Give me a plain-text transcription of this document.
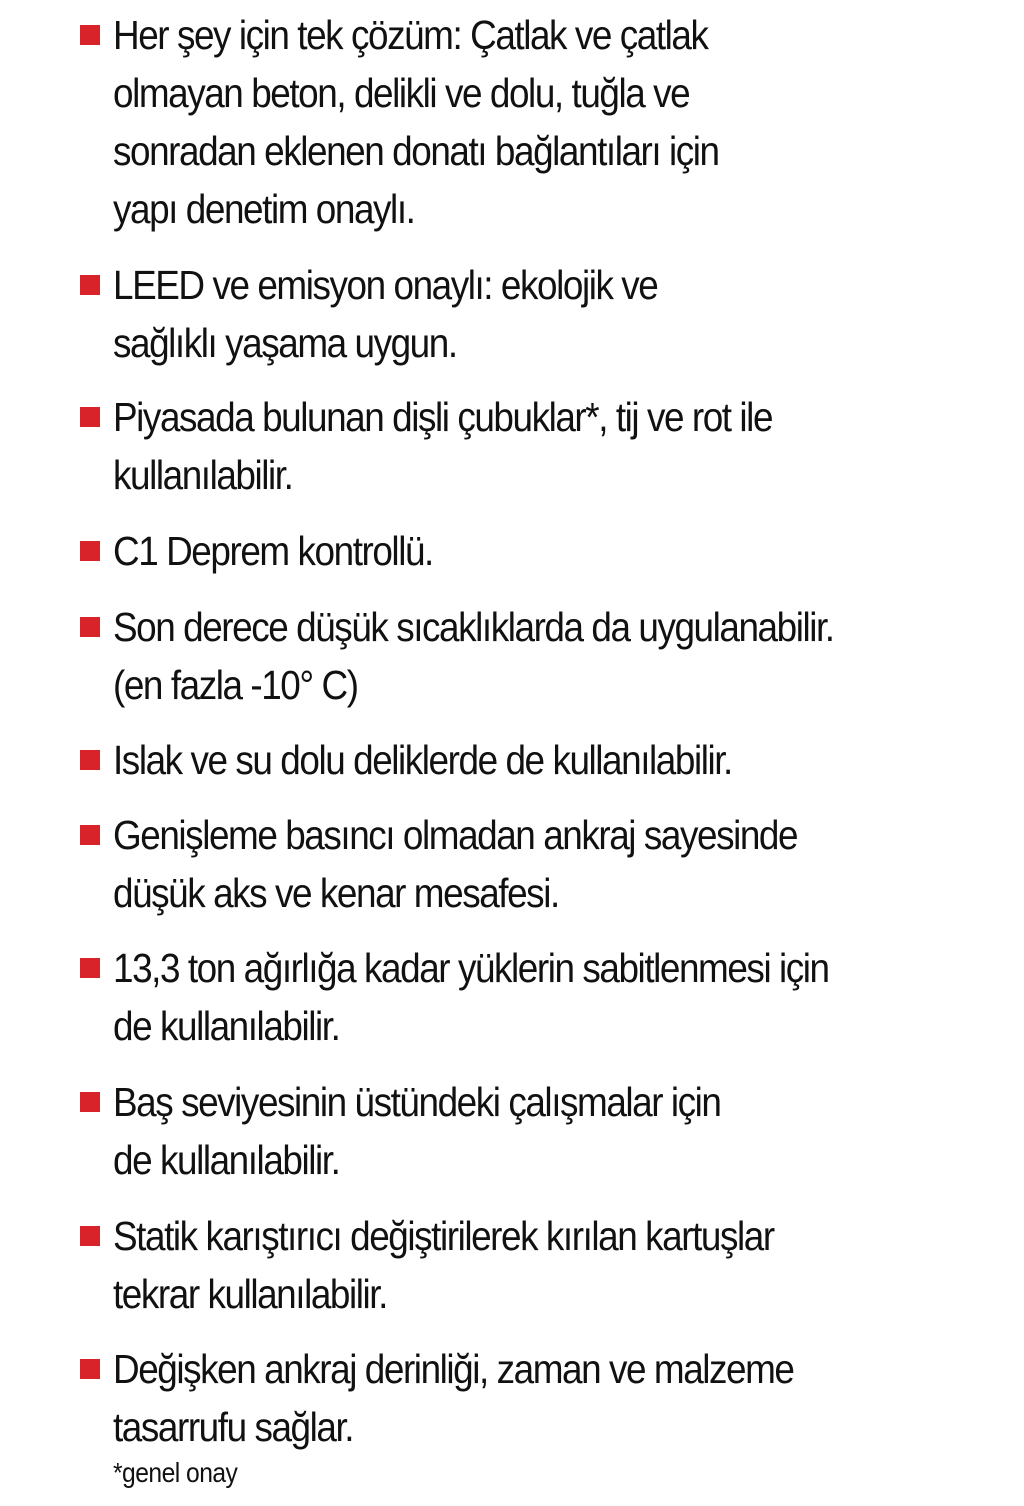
Her şey için tek çözüm: Çatlak ve çatlak
olmayan beton, delikli ve dolu, tuğla ve
sonradan eklenen donatı bağlantıları için
yapı denetim onaylı.
LEED ve emisyon onaylı: ekolojik ve
sağlıklı yaşama uygun.
Piyasada bulunan dişli çubuklar*, tij ve rot ile
kullanılabilir.
C1 Deprem kontrollü.
Son derece düşük sıcaklıklarda da uygulanabilir.
(en fazla -10° C)
Islak ve su dolu deliklerde de kullanılabilir.
Genişleme basıncı olmadan ankraj sayesinde
düşük aks ve kenar mesafesi.
13,3 ton ağırlığa kadar yüklerin sabitlenmesi için
de kullanılabilir.
Baş seviyesinin üstündeki çalışmalar için
de kullanılabilir.
Statik karıştırıcı değiştirilerek kırılan kartuşlar
tekrar kullanılabilir.
Değişken ankraj derinliği, zaman ve malzeme
tasarrufu sağlar.
*genel onay
